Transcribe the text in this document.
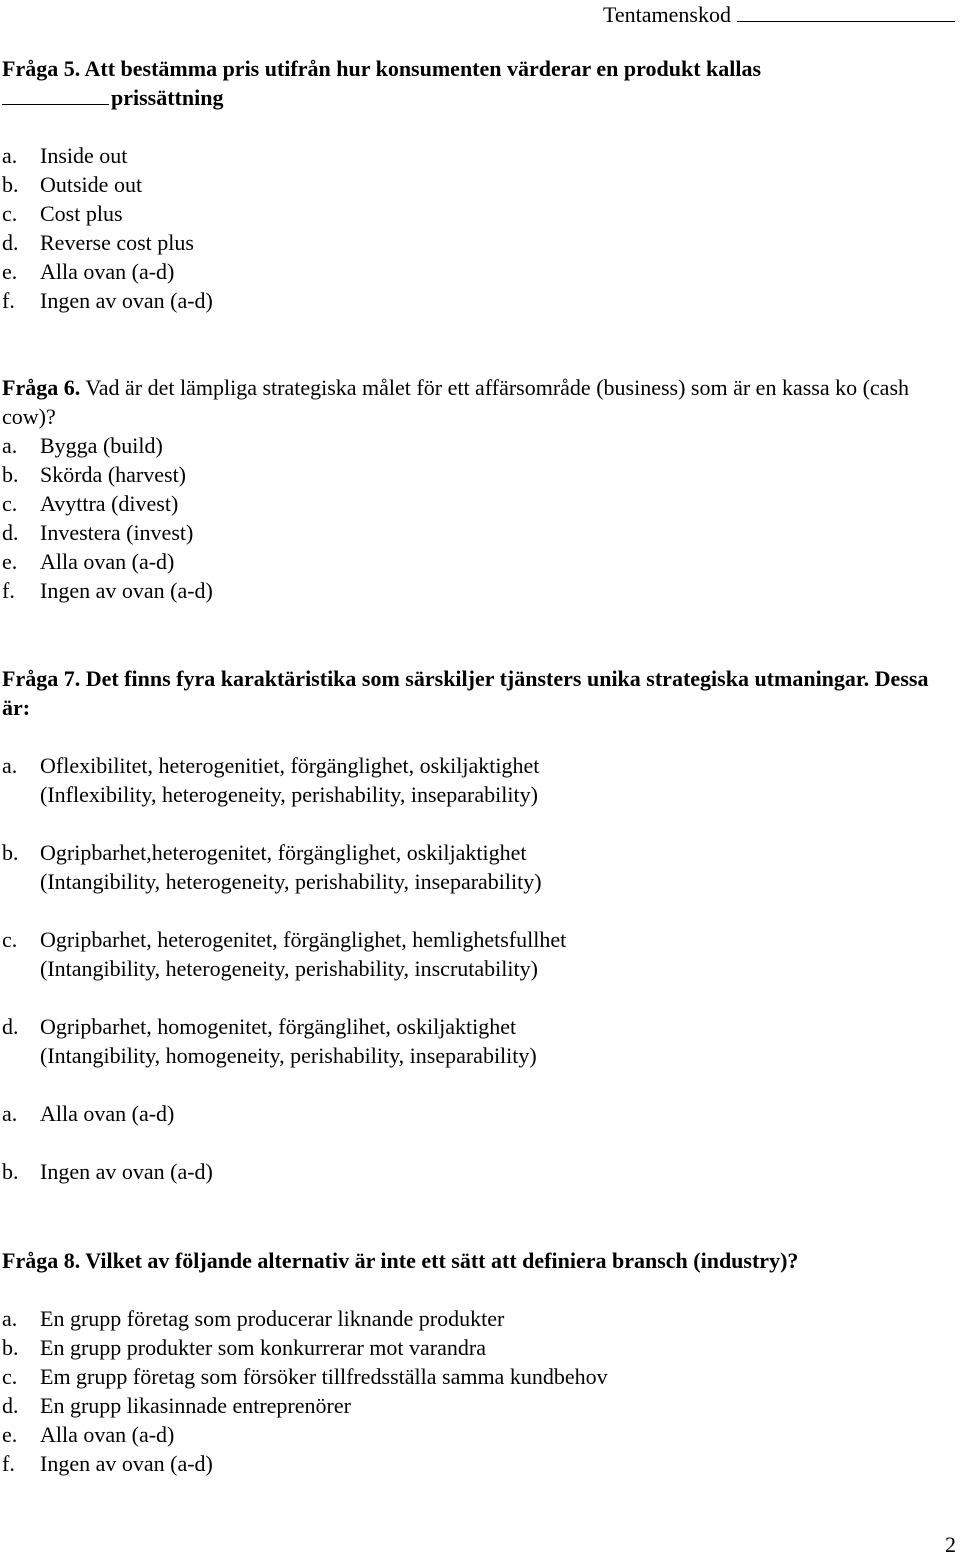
Tentamenskod

Fråga 5. Att bestämma pris utifrån hur konsumenten värderar en produkt kallas
prissättning

a.	Inside out
b. Outside out
c.	Cost plus
d. Reverse cost plus
e.	Alla ovan (a-d)
f.	Ingen av ovan (a-d)

Fråga 6. Vad är det lämpliga strategiska målet för ett affärsområde (business) som är en kassa ko (cash cow)?

a.	Bygga (build)
b. Skörda (harvest)
c.	Avyttra (divest)
d. Investera (invest)
e.	Alla ovan (a-d)
f.	Ingen av ovan (a-d)

Fråga 7. Det finns fyra karaktäristika som särskiljer tjänsters unika strategiska utmaningar. Dessa är:

a.	Oflexibilitet, heterogenitiet, förgänglighet, oskiljaktighet
(Inflexibility, heterogeneity, perishability, inseparability)
b. Ogripbarhet,heterogenitet, förgänglighet, oskiljaktighet
(Intangibility, heterogeneity, perishability, inseparability)
c.	Ogripbarhet, heterogenitet, förgänglighet, hemlighetsfullhet
(Intangibility, heterogeneity, perishability, inscrutability)
d. Ogripbarhet, homogenitet, förgänglihet, oskiljaktighet
(Intangibility, homogeneity, perishability, inseparability)
a.	Alla ovan (a-d)
b. Ingen av ovan (a-d)

Fråga 8. Vilket av följande alternativ är inte ett sätt att definiera bransch (industry)?

a.	En grupp företag som producerar liknande produkter
b. En grupp produkter som konkurrerar mot varandra
c.	Em grupp företag som försöker tillfredsställa samma kundbehov
d. En grupp likasinnade entreprenörer
e.	Alla ovan (a-d)
f.	Ingen av ovan (a-d)
2
